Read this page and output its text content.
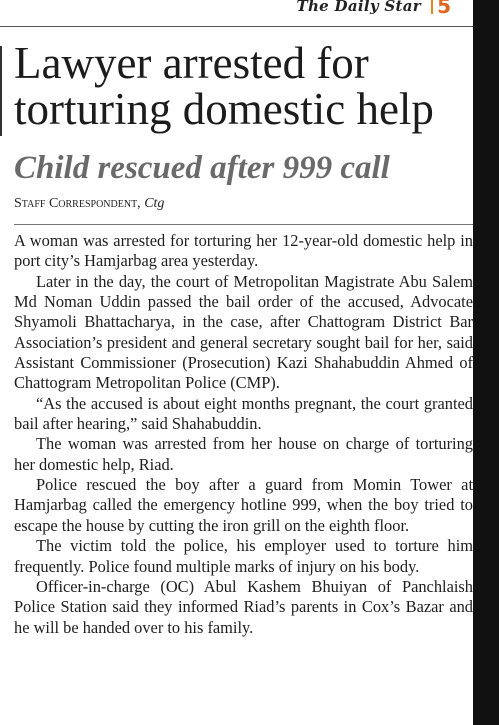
The Daily Star 5
Lawyer arrested for torturing domestic help
Child rescued after 999 call
Staff Correspondent, Ctg

A woman was arrested for torturing her 12-year-old domestic help in port city’s Hamjarbag area yesterday.

Later in the day, the court of Metropolitan Magistrate Abu Salem Md Noman Uddin passed the bail order of the accused, Advocate Shyamoli Bhattacharya, in the case, after Chattogram District Bar Association’s president and general secretary sought bail for her, said Assistant Commissioner (Prosecution) Kazi Shahabuddin Ahmed of Chattogram Metropolitan Police (CMP).

“As the accused is about eight months pregnant, the court granted bail after hearing,” said Shahabuddin.

The woman was arrested from her house on charge of torturing her domestic help, Riad.

Police rescued the boy after a guard from Momin Tower at Hamjarbag called the emergency hotline 999, when the boy tried to escape the house by cutting the iron grill on the eighth floor.

The victim told the police, his employer used to torture him frequently. Police found multiple marks of injury on his body.

Officer-in-charge (OC) Abul Kashem Bhuiyan of Panchlaish Police Station said they informed Riad’s parents in Cox’s Bazar and he will be handed over to his family.
